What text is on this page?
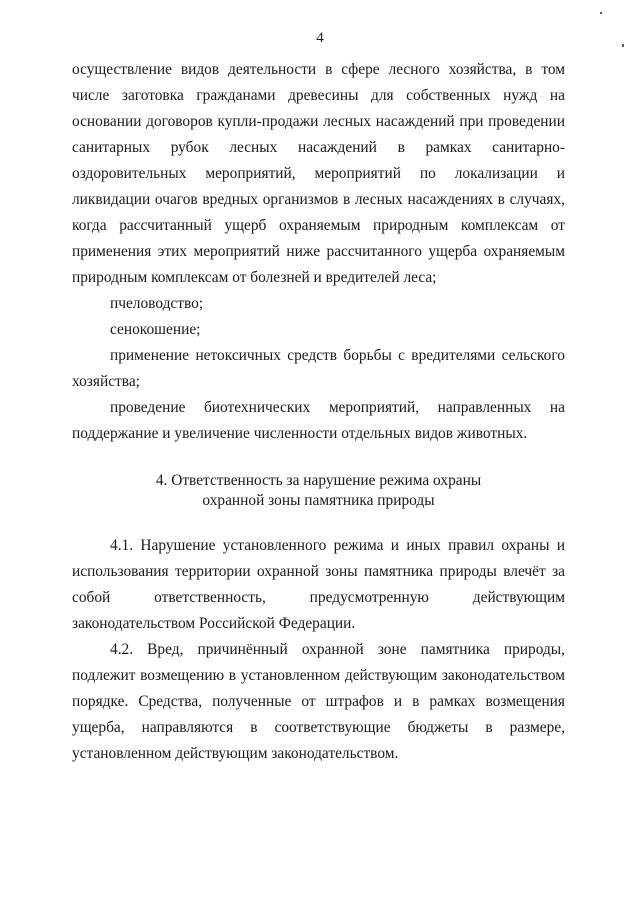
4

осуществление видов деятельности в сфере лесного хозяйства, в том числе заготовка гражданами древесины для собственных нужд на основании договоров купли-продажи лесных насаждений при проведении санитарных рубок лесных насаждений в рамках санитарно-оздоровительных мероприятий, мероприятий по локализации и ликвидации очагов вредных организмов в лесных насаждениях в случаях, когда рассчитанный ущерб охраняемым природным комплексам от применения этих мероприятий ниже рассчитанного ущерба охраняемым природным комплексам от болезней и вредителей леса;

пчеловодство;

сенокошение;

применение нетоксичных средств борьбы с вредителями сельского хозяйства;

проведение биотехнических мероприятий, направленных на поддержание и увеличение численности отдельных видов животных.

4. Ответственность за нарушение режима охраны
охранной зоны памятника природы

4.1. Нарушение установленного режима и иных правил охраны и использования территории охранной зоны памятника природы влечёт за собой ответственность, предусмотренную действующим законодательством Российской Федерации.

4.2. Вред, причинённый охранной зоне памятника природы, подлежит возмещению в установленном действующим законодательством порядке. Средства, полученные от штрафов и в рамках возмещения ущерба, направляются в соответствующие бюджеты в размере, установленном действующим законодательством.
